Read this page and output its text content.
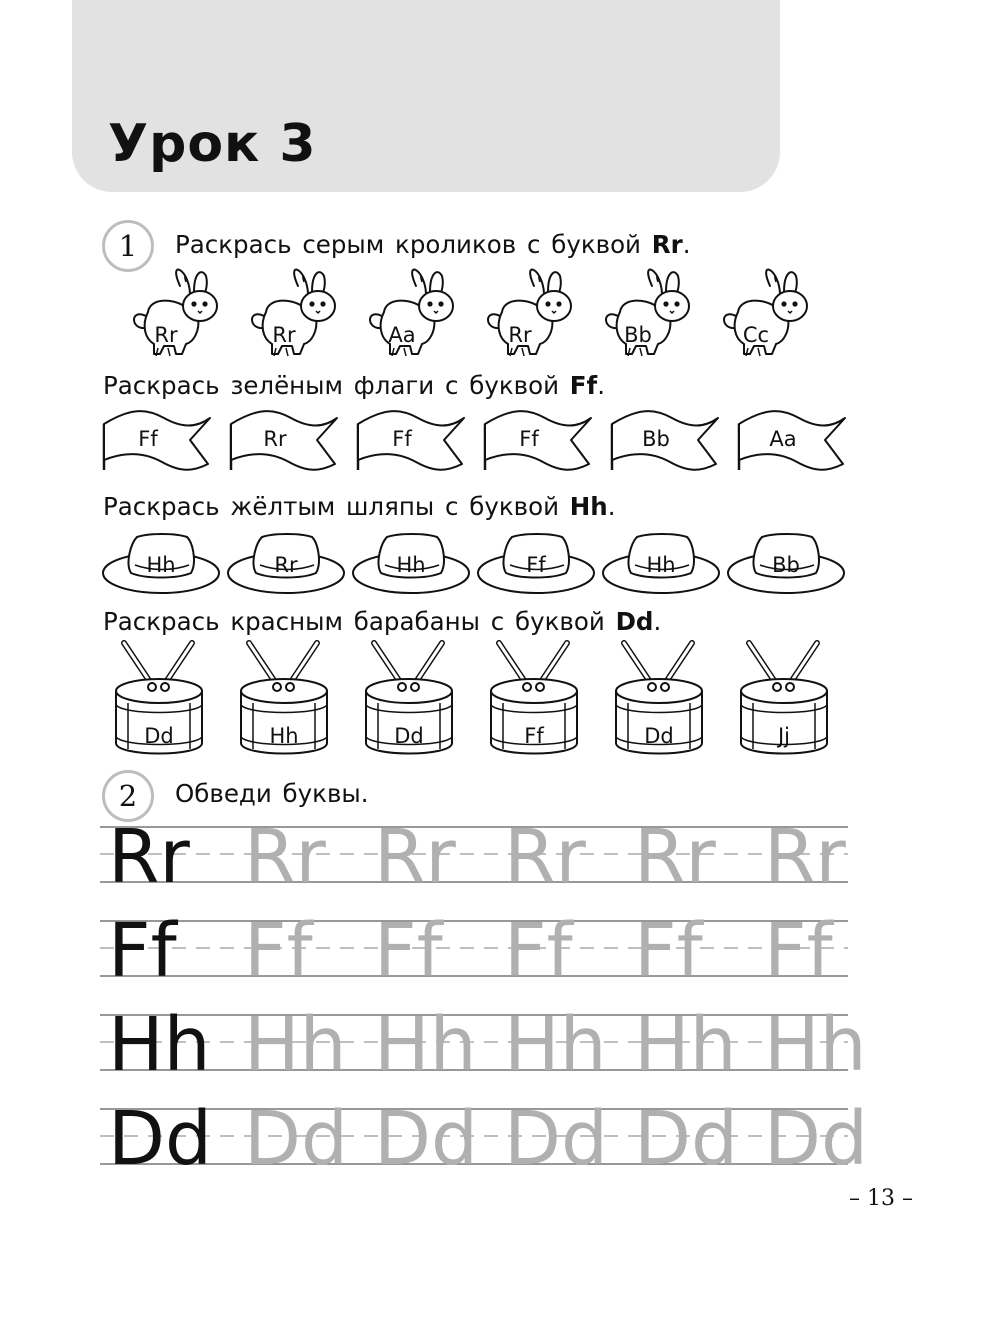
Урок 3
1	Раскрась серым кроликов с буквой Rr.
Раскрась зелёным флаги с буквой Ff.
Раскрась жёлтым шляпы с буквой Hh.
Раскрась красным барабаны с буквой Dd.
Rr	Rr	Aa	Rr	Bb	Cc
Ff	Rr	Ff	Ff	Bb	Aa
Hh	Rr	Hh	Ff	Hh	Bb
Dd	Hh	Dd	Ff	Dd	Jj
2	Обведи буквы.
Rr Rr Rr Rr Rr Rr
Ff Ff Ff Ff Ff Ff
Hh Hh Hh Hh Hh Hh
Dd Dd Dd Dd Dd Dd
– 13 –
